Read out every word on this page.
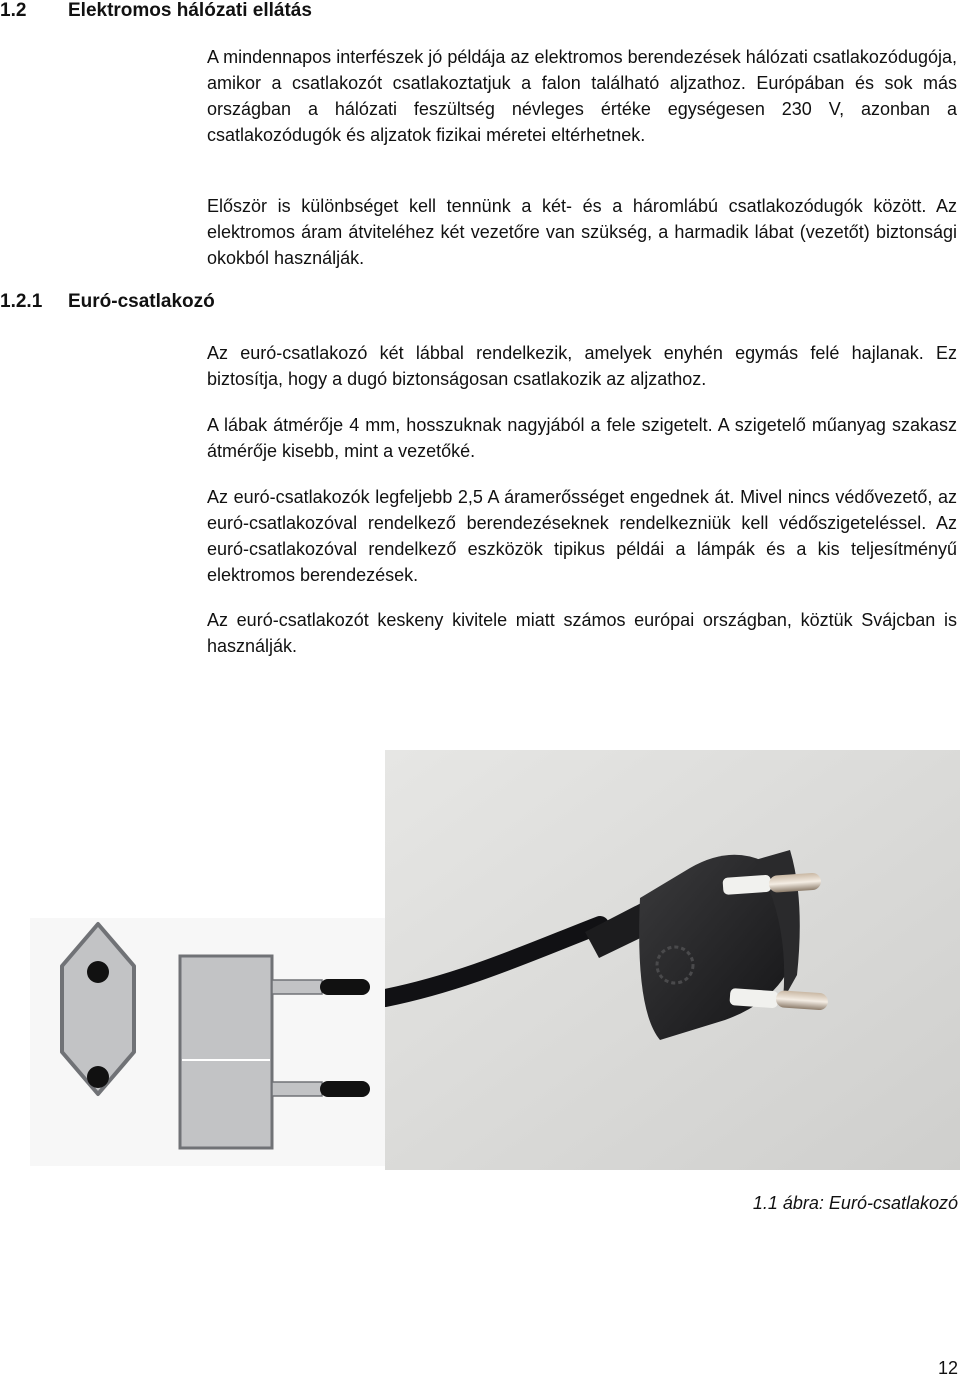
1.2 Elektromos hálózati ellátás

A mindennapos interfészek jó példája az elektromos berendezések hálózati csatlakozódugója, amikor a csatlakozót csatlakoztatjuk a falon található aljzathoz. Európában és sok más országban a hálózati feszültség névleges értéke egységesen 230 V, azonban a csatlakozódugók és aljzatok fizikai méretei eltérhetnek.

Először is különbséget kell tennünk a két- és a háromlábú csatlakozódugók között. Az elektromos áram átviteléhez két vezetőre van szükség, a harmadik lábat (vezetőt) biztonsági okokból használják.

1.2.1 Euró-csatlakozó

Az euró-csatlakozó két lábbal rendelkezik, amelyek enyhén egymás felé hajlanak. Ez biztosítja, hogy a dugó biztonságosan csatlakozik az aljzathoz.

A lábak átmérője 4 mm, hosszuknak nagyjából a fele szigetelt. A szigetelő műanyag szakasz átmérője kisebb, mint a vezetőké.

Az euró-csatlakozók legfeljebb 2,5 A áramerősséget engednek át. Mivel nincs védővezető, az euró-csatlakozóval rendelkező berendezéseknek rendelkezniük kell védőszigeteléssel. Az euró-csatlakozóval rendelkező eszközök tipikus példái a lámpák és a kis teljesítményű elektromos berendezések.

Az euró-csatlakozót keskeny kivitele miatt számos európai országban, köztük Svájcban is használják.

1.1 ábra: Euró-csatlakozó
12
